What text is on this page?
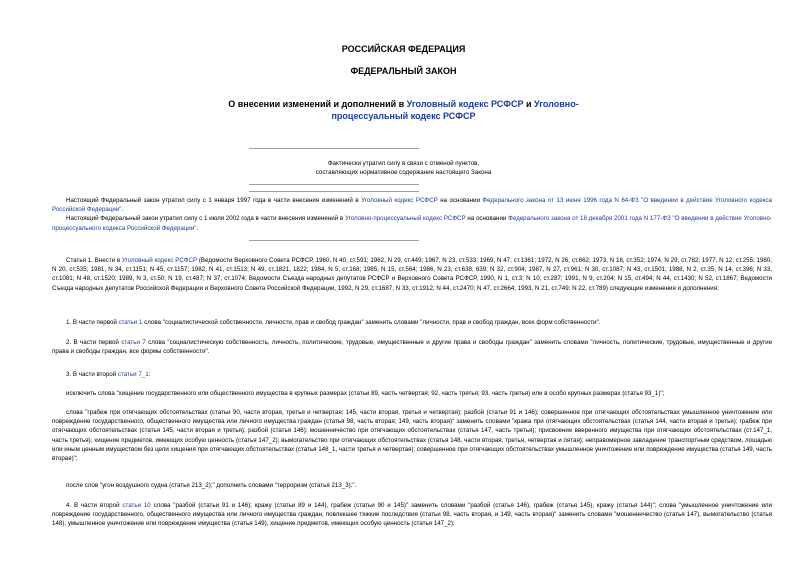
РОССИЙСКАЯ ФЕДЕРАЦИЯ
ФЕДЕРАЛЬНЫЙ ЗАКОН
О внесении изменений и дополнений в Уголовный кодекс РСФСР и Уголовно-процессуальный кодекс РСФСР
Фактически утратил силу в связи с отменой пунктов,
составляющих нормативное содержание настоящего Закона
Настоящий Федеральный закон утратил силу с 1 января 1997 года в части внесения изменений в Уголовный кодекс РСФСР на основании Федерального закона от 13 июня 1996 года N 64-ФЗ "О введении в действие Уголовного кодекса Российской Федерации".
Настоящий Федеральный закон утратил силу с 1 июля 2002 года в части внесения изменений в Уголовно-процессуальный кодекс РСФСР на основании Федерального закона от 18 декабря 2001 года N 177-ФЗ "О введении в действие Уголовно-процессуального кодекса Российской Федерации".
Статья 1. Внести в Уголовный кодекс РСФСР (Ведомости Верховного Совета РСФСР, 1960, N 40, ст.591; 1962, N 29, ст.449; 1967, N 23, ст.533; 1969, N 47, ст.1361; 1972, N 26, ст.662; 1973, N 16, ст.352; 1974, N 29, ст.782; 1977, N 12, ст.255; 1980, N 20, ст.535; 1981, N 34, ст.1151; N 45, ст.1157; 1982, N 41, ст.1513; N 49, ст.1821, 1822; 1984, N 5, ст.168; 1985, N 15, ст.564; 1986, N 23, ст.638, 639; N 32, ст.904; 1987, N 27, ст.961; N 30, ст.1087; N 43, ст.1501; 1988, N 2, ст.35; N 14, ст.396; N 33, ст.1081; N 48, ст.1520; 1989, N 3, ст.50; N 19, ст.487; N 37, ст.1074; Ведомости Съезда народных депутатов РСФСР и Верховного Совета РСФСР, 1990, N 1, ст.3; N 10, ст.287; 1991, N 9, ст.204; N 15, ст.494; N 44, ст.1430; N 52, ст.1867; Ведомости Съезда народных депутатов Российской Федерации и Верховного Совета Российской Федерации, 1992, N 29, ст.1687, N 33, ст.1912; N 44, ст.2470; N 47, ст.2664; 1993, N 21, ст.749; N 22, ст.789) следующие изменения и дополнения:
1. В части первой статьи 1 слова "социалистической собственности, личности, прав и свобод граждан" заменить словами "личности, прав и свобод граждан, всех форм собственности".
2. В части первой статьи 7 слова "социалистическую собственность, личность, политические, трудовые, имущественные и другие права и свободы граждан" заменить словами "личность, политические, трудовые, имущественные и другие права и свободы граждан, все формы собственности".
3. В части второй статьи 7_1:
исключить слова "хищение государственного или общественного имущества в крупных размерах (статьи 89, часть четвертая; 92, часть третья; 93, часть третья) или в особо крупных размерах (статья 93_1)";
слова "грабеж при отягчающих обстоятельствах (статьи 90, части вторая, третья и четвертая; 145, части вторая, третья и четвертая); разбой (статьи 91 и 146); совершенное при отягчающих обстоятельствах умышленное уничтожение или повреждение государственного, общественного имущества или личного имущества граждан (статья 98, часть вторая; 149, часть вторая)" заменить словами "кража при отягчающих обстоятельствах (статья 144, части вторая и третья); грабеж при отягчающих обстоятельствах (статья 145, части вторая и третья); разбой (статья 146); мошенничество при отягчающих обстоятельствах (статья 147, часть третья); присвоение вверенного имущества при отягчающих обстоятельствах (ст.147_1, часть третья); хищение предметов, имеющих особую ценность (статья 147_2); вымогательство при отягчающих обстоятельствах (статья 148, части вторая, третья, четвертая и пятая); неправомерное завладение транспортным средством, лошадью или иным ценным имуществом без цели хищения при отягчающих обстоятельствах (статья 148_1, части третья и четвертая); совершенное при отягчающих обстоятельствах умышленное уничтожение или повреждение имущества (статья 149, часть вторая)";
после слов "угон воздушного судна (статья 213_2);" дополнить словами "терроризм (статья 213_3);".
4. В части второй статьи 10 слова "разбой (статьи 91 и 146); кражу (статьи 89 и 144), грабеж (статьи 90 и 145)" заменить словами "разбой (статья 146), грабеж (статья 145), кражу (статья 144)"; слова "умышленное уничтожение или повреждение государственного, общественного имущества или личного имущества граждан, повлекшее тяжкие последствия (статьи 98, часть вторая, и 149, часть вторая)" заменить словами "мошенничество (статья 147), вымогательство (статья 148), умышленное уничтожение или повреждение имущества (статья 149), хищение предметов, имеющих особую ценность (статья 147_2);
